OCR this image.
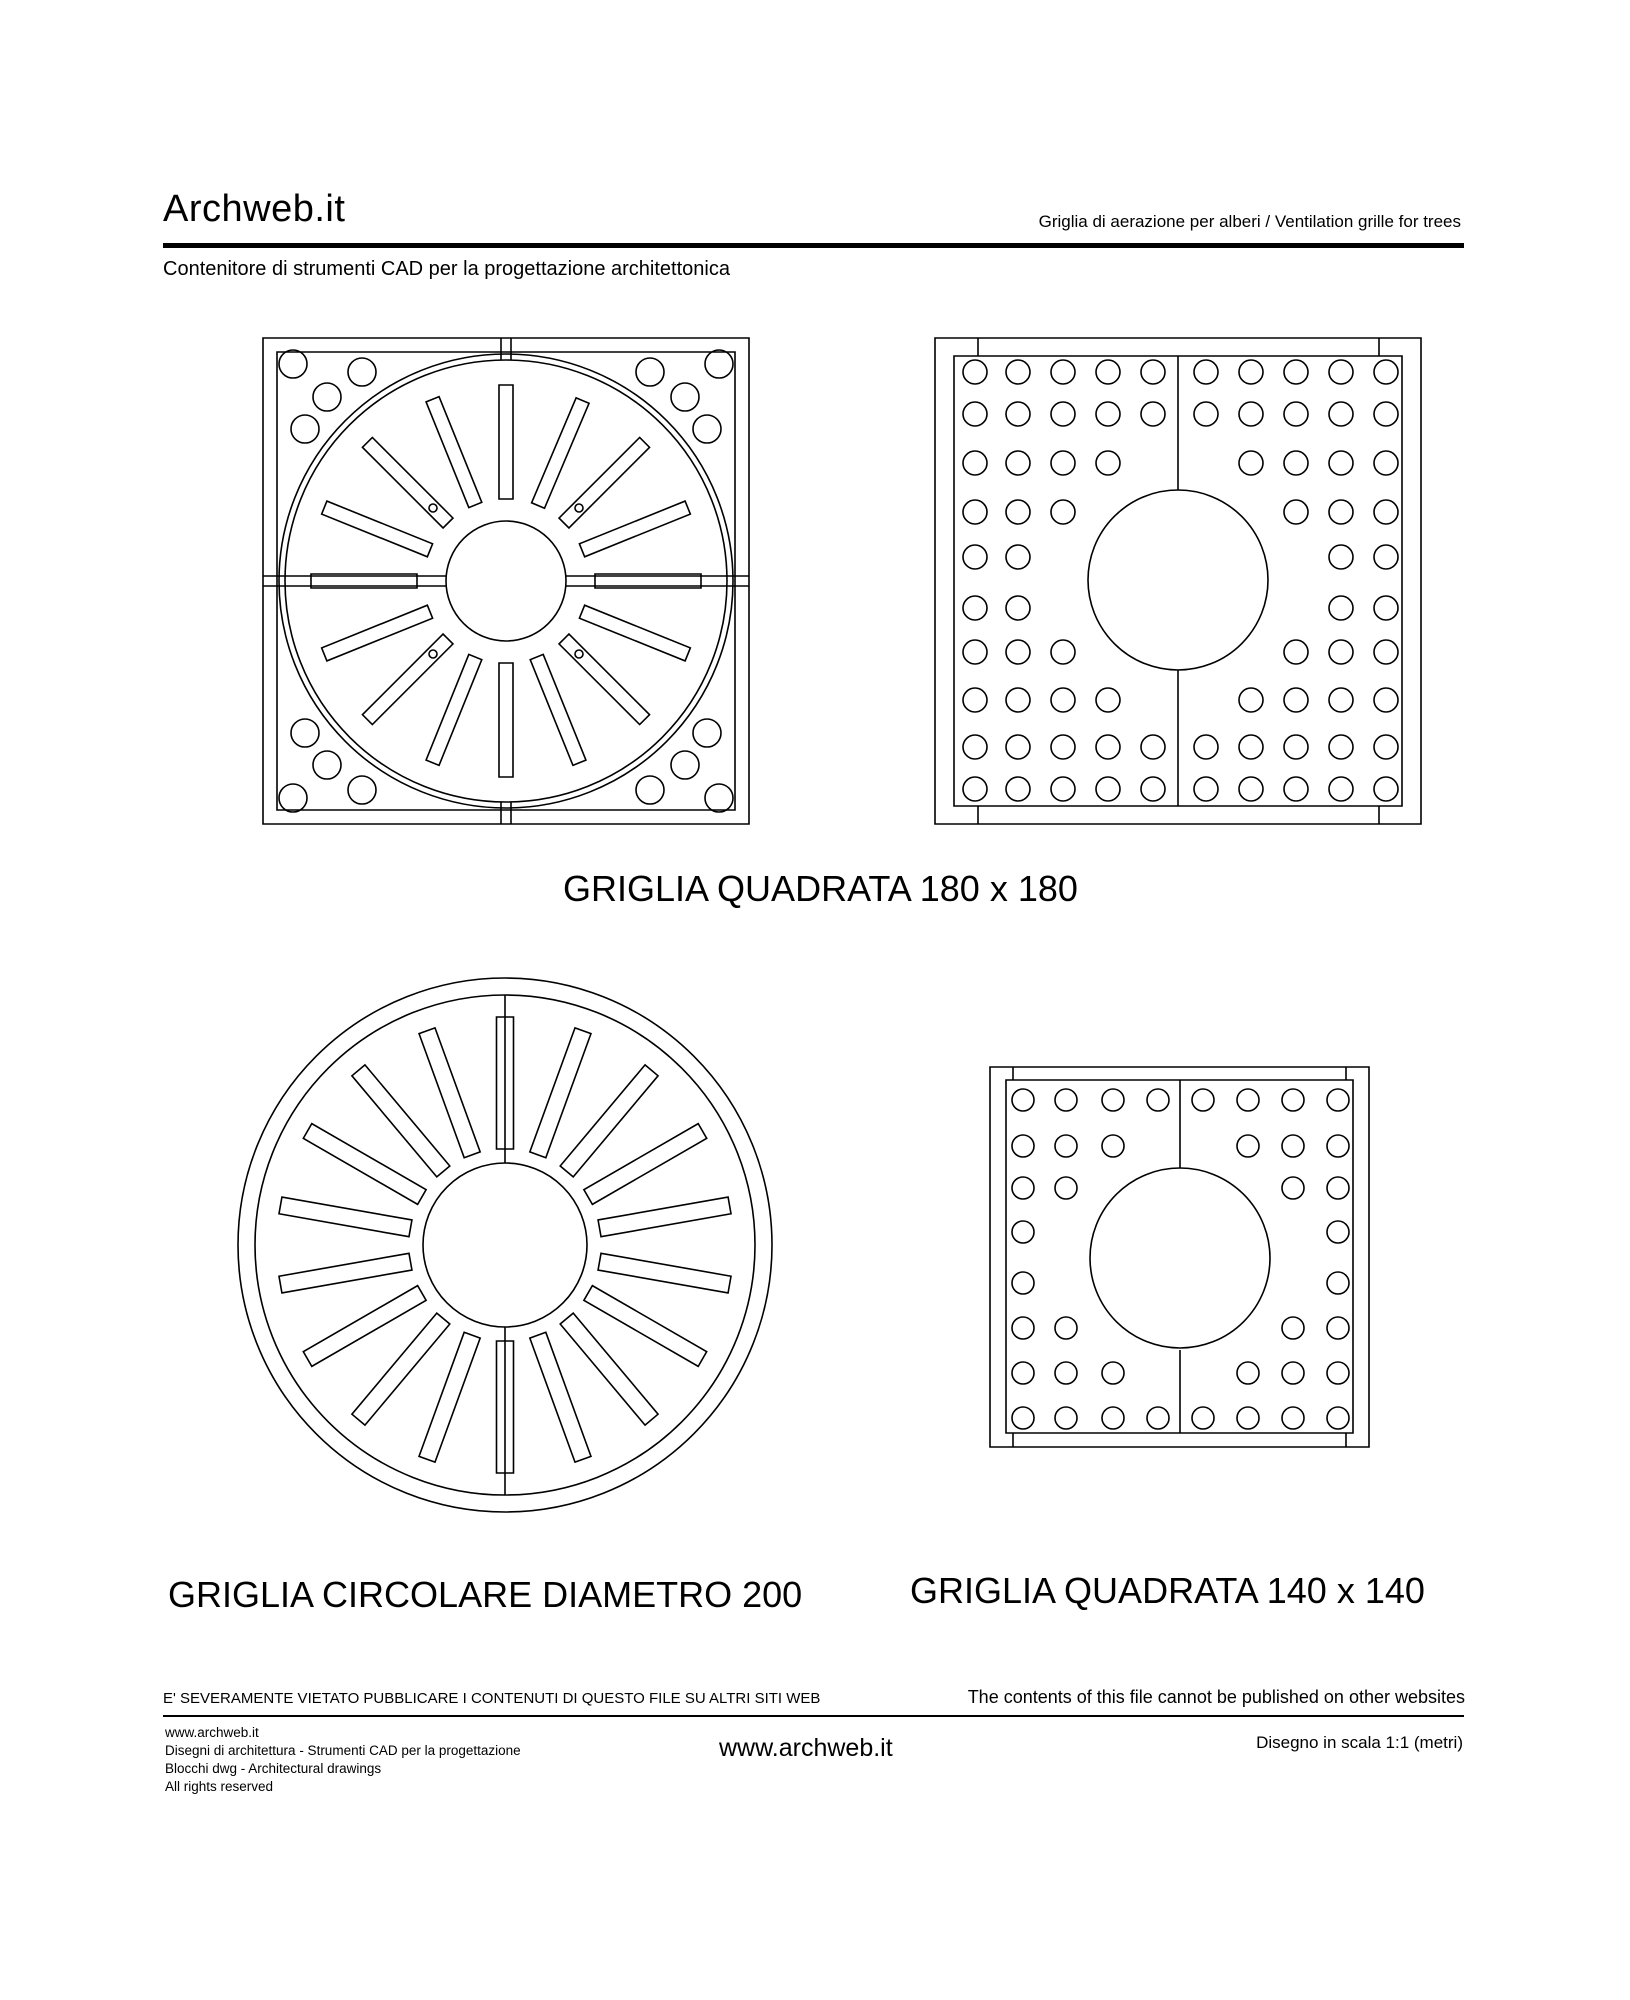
Archweb.it	Griglia di aerazione per alberi / Ventilation grille for trees
Contenitore di strumenti CAD per la progettazione architettonica
GRIGLIA QUADRATA 180 x 180
GRIGLIA CIRCOLARE DIAMETRO 200	GRIGLIA QUADRATA 140 x 140
E' SEVERAMENTE VIETATO PUBBLICARE I CONTENUTI DI QUESTO FILE SU ALTRI SITI WEB	The contents of this file cannot be published on other websites
www.archweb.it
Disegni di architettura - Strumenti CAD per la progettazione
Blocchi dwg - Architectural drawings
All rights reserved
www.archweb.it	Disegno in scala 1:1 (metri)
